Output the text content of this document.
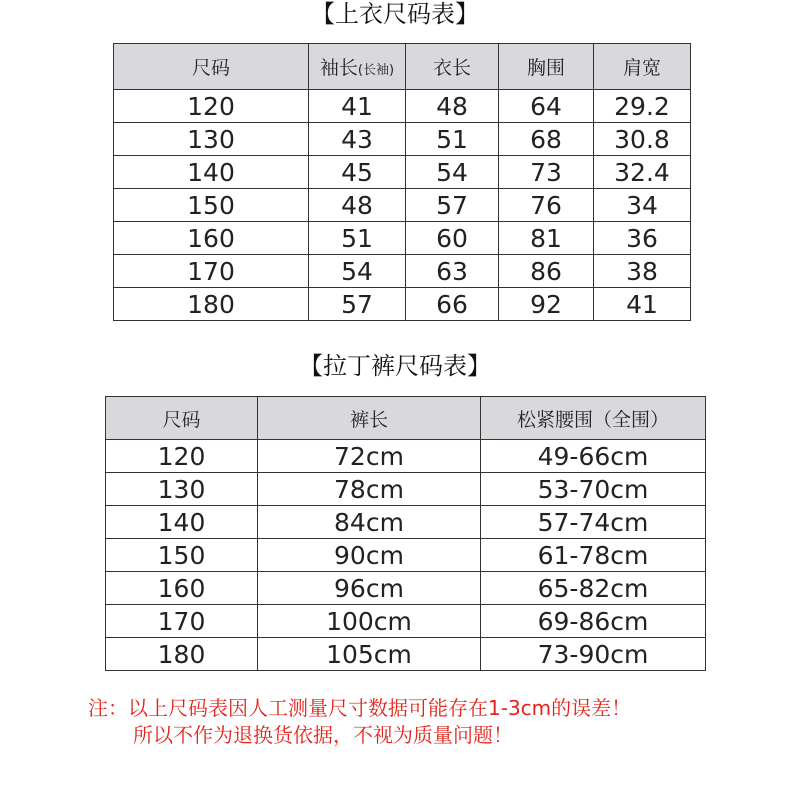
【上衣尺码表】
尺码	袖长(长袖)	衣长	胸围	肩宽
120	41	48	64	29.2
130	43	51	68	30.8
140	45	54	73	32.4
150	48	57	76	34
160	51	60	81	36
170	54	63	86	38
180	57	66	92	41
【拉丁裤尺码表】
尺码	裤长	松紧腰围（全围）
120	72cm	49-66cm
130	78cm	53-70cm
140	84cm	57-74cm
150	90cm	61-78cm
160	96cm	65-82cm
170	100cm	69-86cm
180	105cm	73-90cm
注：以上尺码表因人工测量尺寸数据可能存在1-3cm的误差！
所以不作为退换货依据，不视为质量问题！
